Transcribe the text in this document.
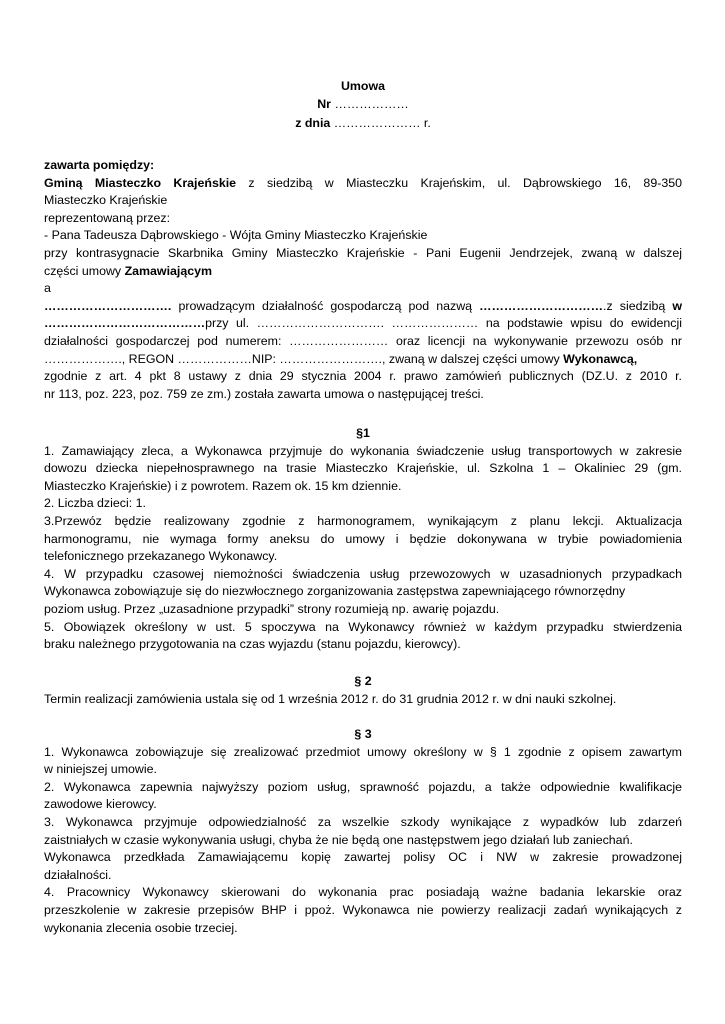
Umowa
Nr ………………
z dnia ………………… r.
zawarta pomiędzy:
Gminą Miasteczko Krajeńskie z siedzibą w Miasteczku Krajeńskim, ul. Dąbrowskiego 16, 89-350
Miasteczko Krajeńskie
reprezentowaną przez:
- Pana Tadeusza Dąbrowskiego - Wójta Gminy Miasteczko Krajeńskie
przy kontrasygnacie Skarbnika Gminy Miasteczko Krajeńskie - Pani Eugenii Jendrzejek, zwaną w dalszej
części umowy Zamawiającym
a
…………………………. prowadzącym działalność gospodarczą pod nazwą ………………………….z siedzibą w
…………………………………przy ul. …………………………. ………………… na podstawie wpisu do ewidencji
działalności gospodarczej pod numerem: …………………… oraz licencji na wykonywanie przewozu osób nr
………………., REGON ………………NIP: ……………………., zwaną w dalszej części umowy Wykonawcą,
zgodnie z art. 4 pkt 8 ustawy z dnia 29 stycznia 2004 r. prawo zamówień publicznych (DZ.U. z 2010 r.
nr 113, poz. 223, poz. 759 ze zm.) została zawarta umowa o następującej treści.
§1
1. Zamawiający zleca, a Wykonawca przyjmuje do wykonania świadczenie usług transportowych w zakresie
dowozu dziecka niepełnosprawnego na trasie Miasteczko Krajeńskie, ul. Szkolna 1 – Okaliniec 29 (gm.
Miasteczko Krajeńskie) i z powrotem. Razem ok. 15 km dziennie.
2. Liczba dzieci: 1.
3.Przewóz będzie realizowany zgodnie z harmonogramem, wynikającym z planu lekcji. Aktualizacja
harmonogramu, nie wymaga formy aneksu do umowy i będzie dokonywana w trybie powiadomienia
telefonicznego przekazanego Wykonawcy.
4. W przypadku czasowej niemożności świadczenia usług przewozowych w uzasadnionych przypadkach
Wykonawca zobowiązuje się do niezwłocznego zorganizowania zastępstwa zapewniającego równorzędny
poziom usług. Przez „uzasadnione przypadki” strony rozumieją np. awarię pojazdu.
5. Obowiązek określony w ust. 5 spoczywa na Wykonawcy również w każdym przypadku stwierdzenia
braku należnego przygotowania na czas wyjazdu (stanu pojazdu, kierowcy).
§ 2
Termin realizacji zamówienia ustala się od 1 września 2012 r. do 31 grudnia 2012 r. w dni nauki szkolnej.
§ 3
1. Wykonawca zobowiązuje się zrealizować przedmiot umowy określony w § 1 zgodnie z opisem zawartym
w niniejszej umowie.
2. Wykonawca zapewnia najwyższy poziom usług, sprawność pojazdu, a także odpowiednie kwalifikacje
zawodowe kierowcy.
3. Wykonawca przyjmuje odpowiedzialność za wszelkie szkody wynikające z wypadków lub zdarzeń
zaistniałych w czasie wykonywania usługi, chyba że nie będą one następstwem jego działań lub zaniechań.
Wykonawca przedkłada Zamawiającemu kopię zawartej polisy OC i NW w zakresie prowadzonej
działalności.
4. Pracownicy Wykonawcy skierowani do wykonania prac posiadają ważne badania lekarskie oraz
przeszkolenie w zakresie przepisów BHP i ppoż. Wykonawca nie powierzy realizacji zadań wynikających z
wykonania zlecenia osobie trzeciej.
